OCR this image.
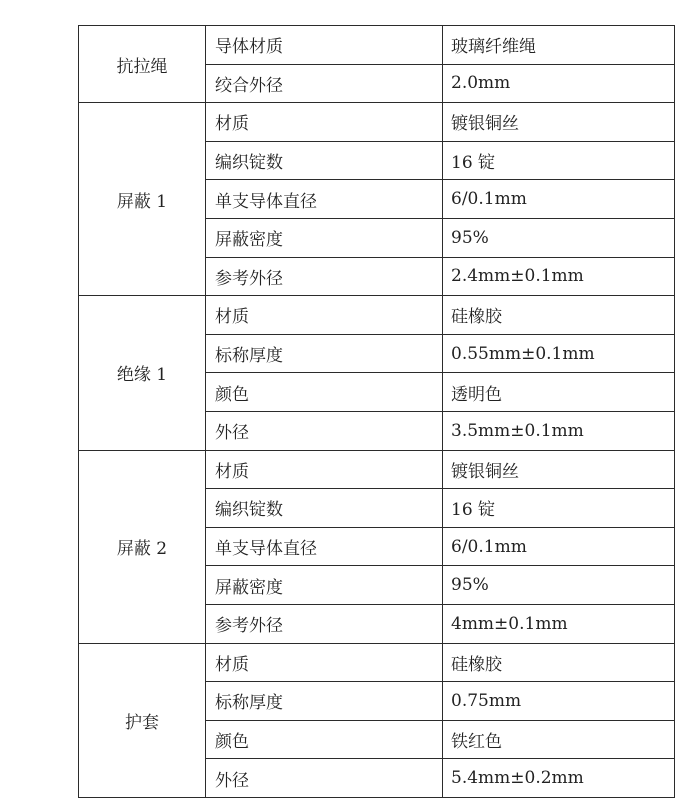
抗拉绳	导体材质	玻璃纤维绳
	绞合外径	2.0mm
屏蔽 1	材质	镀银铜丝
	编织锭数	16 锭
	单支导体直径	6/0.1mm
	屏蔽密度	95%
	参考外径	2.4mm±0.1mm
绝缘 1	材质	硅橡胶
	标称厚度	0.55mm±0.1mm
	颜色	透明色
	外径	3.5mm±0.1mm
屏蔽 2	材质	镀银铜丝
	编织锭数	16 锭
	单支导体直径	6/0.1mm
	屏蔽密度	95%
	参考外径	4mm±0.1mm
护套	材质	硅橡胶
	标称厚度	0.75mm
	颜色	铁红色
	外径	5.4mm±0.2mm
